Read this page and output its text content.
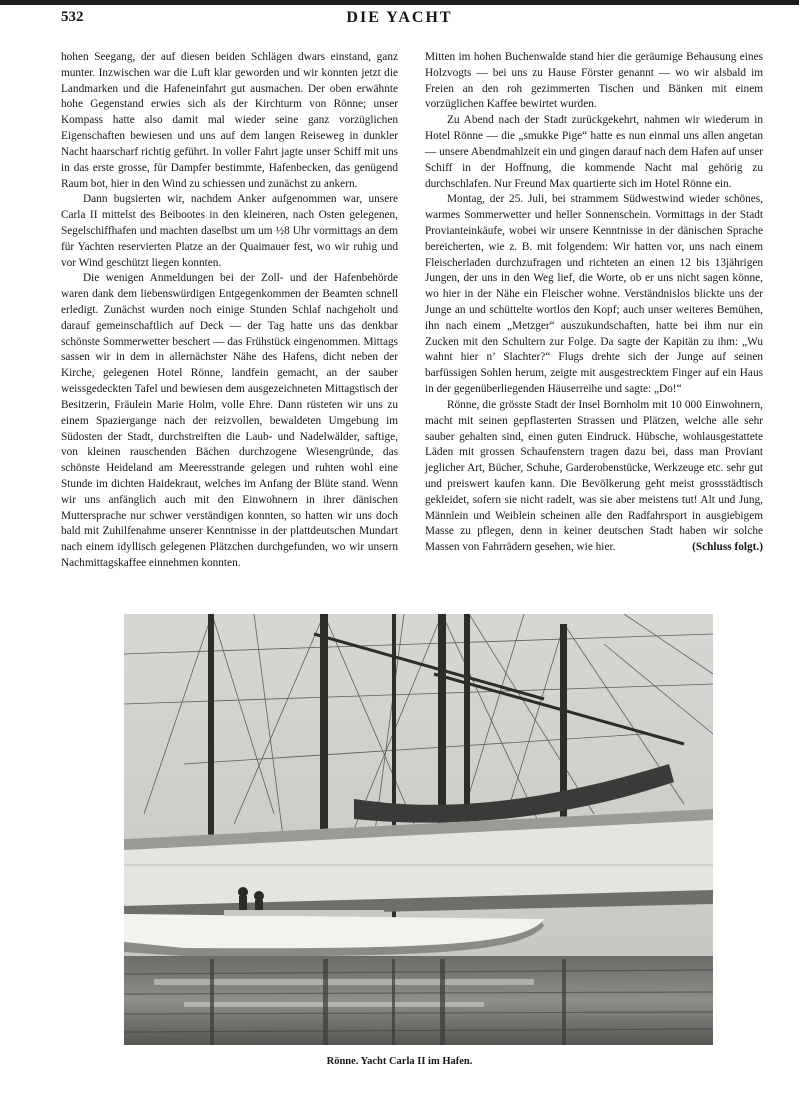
532	DIE YACHT

hohen Seegang, der auf diesen beiden Schlägen dwars einstand, ganz munter. Inzwischen war die Luft klar geworden und wir konnten jetzt die Landmarken und die Hafeneinfahrt gut ausmachen. Der oben erwähnte hohe Gegenstand erwies sich als der Kirchturm von Rönne; unser Kompass hatte also damit mal wieder seine ganz vorzüglichen Eigenschaften bewiesen und uns auf dem langen Reiseweg in dunkler Nacht haarscharf richtig geführt. In voller Fahrt jagte unser Schiff mit uns in das erste grosse, für Dampfer bestimmte, Hafenbecken, das genügend Raum bot, hier in den Wind zu schiessen und zunächst zu ankern.

Dann bugsierten wir, nachdem Anker aufgenommen war, unsere Carla II mittelst des Beibootes in den kleineren, nach Osten gelegenen, Segelschiffhafen und machten daselbst um um ½8 Uhr vormittags an dem für Yachten reservierten Platze an der Quaimauer fest, wo wir ruhig und vor Wind geschützt liegen konnten.

Die wenigen Anmeldungen bei der Zoll- und der Hafenbehörde waren dank dem liebenswürdigen Entgegenkommen der Beamten schnell erledigt. Zunächst wurden noch einige Stunden Schlaf nachgeholt und darauf gemeinschaftlich auf Deck — der Tag hatte uns das denkbar schönste Sommerwetter beschert — das Frühstück eingenommen. Mittags sassen wir in dem in allernächster Nähe des Hafens, dicht neben der Kirche, gelegenen Hotel Rönne, landfein gemacht, an der sauber weissgedeckten Tafel und bewiesen dem ausgezeichneten Mittagstisch der Besitzerin, Fräulein Marie Holm, volle Ehre. Dann rüsteten wir uns zu einem Spaziergange nach der reizvollen, bewaldeten Umgebung im Südosten der Stadt, durchstreiften die Laub- und Nadelwälder, saftige, von kleinen rauschenden Bächen durchzogene Wiesengründe, das schönste Heideland am Meeresstrande gelegen und ruhten wohl eine Stunde im dichten Haidekraut, welches im Anfang der Blüte stand. Wenn wir uns anfänglich auch mit den Einwohnern in ihrer dänischen Muttersprache nur schwer verständigen konnten, so hatten wir uns doch bald mit Zuhilfenahme unserer Kenntnisse in der plattdeutschen Mundart nach einem idyllisch gelegenen Plätzchen durchgefunden, wo wir unsern Nachmittagskaffee einnehmen konnten.

Mitten im hohen Buchenwalde stand hier die geräumige Behausung eines Holzvogts — bei uns zu Hause Förster genannt — wo wir alsbald im Freien an den roh gezimmerten Tischen und Bänken mit einem vorzüglichen Kaffee bewirtet wurden.

Zu Abend nach der Stadt zurückgekehrt, nahmen wir wiederum in Hotel Rönne — die „smukke Pige“ hatte es nun einmal uns allen angetan — unsere Abendmahlzeit ein und gingen darauf nach dem Hafen auf unser Schiff in der Hoffnung, die kommende Nacht mal gehörig zu durchschlafen. Nur Freund Max quartierte sich im Hotel Rönne ein.

Montag, der 25. Juli, bei strammem Südwestwind wieder schönes, warmes Sommerwetter und heller Sonnenschein. Vormittags in der Stadt Provianteinkäufe, wobei wir unsere Kenntnisse in der dänischen Sprache bereicherten, wie z. B. mit folgendem: Wir hatten vor, uns nach einem Fleischerladen durchzufragen und richteten an einen 12 bis 13jährigen Jungen, der uns in den Weg lief, die Worte, ob er uns nicht sagen könne, wo hier in der Nähe ein Fleischer wohne. Verständnislos blickte uns der Junge an und schüttelte wortlos den Kopf; auch unser weiteres Bemühen, ihn nach einem „Metzger“ auszukundschaften, hatte bei ihm nur ein Zucken mit den Schultern zur Folge. Da sagte der Kapitän zu ihm: „Wu wahnt hier n’ Slachter?“ Flugs drehte sich der Junge auf seinen barfüssigen Sohlen herum, zeigte mit ausgestrecktem Finger auf ein Haus in der gegenüberliegenden Häuserreihe und sagte: „Do!“

Rönne, die grösste Stadt der Insel Bornholm mit 10 000 Einwohnern, macht mit seinen gepflasterten Strassen und Plätzen, welche alle sehr sauber gehalten sind, einen guten Eindruck. Hübsche, wohlausgestattete Läden mit grossen Schaufenstern tragen dazu bei, dass man Proviant jeglicher Art, Bücher, Schuhe, Garderobenstücke, Werkzeuge etc. sehr gut und preiswert kaufen kann. Die Bevölkerung geht meist grossstädtisch gekleidet, sofern sie nicht radelt, was sie aber meistens tut! Alt und Jung, Männlein und Weiblein scheinen alle den Radfahrsport in ausgiebigem Masse zu pflegen, denn in keiner deutschen Stadt haben wir solche Massen von Fahrrädern gesehen, wie hier.	(Schluss folgt.)

Rönne. Yacht Carla II im Hafen.
